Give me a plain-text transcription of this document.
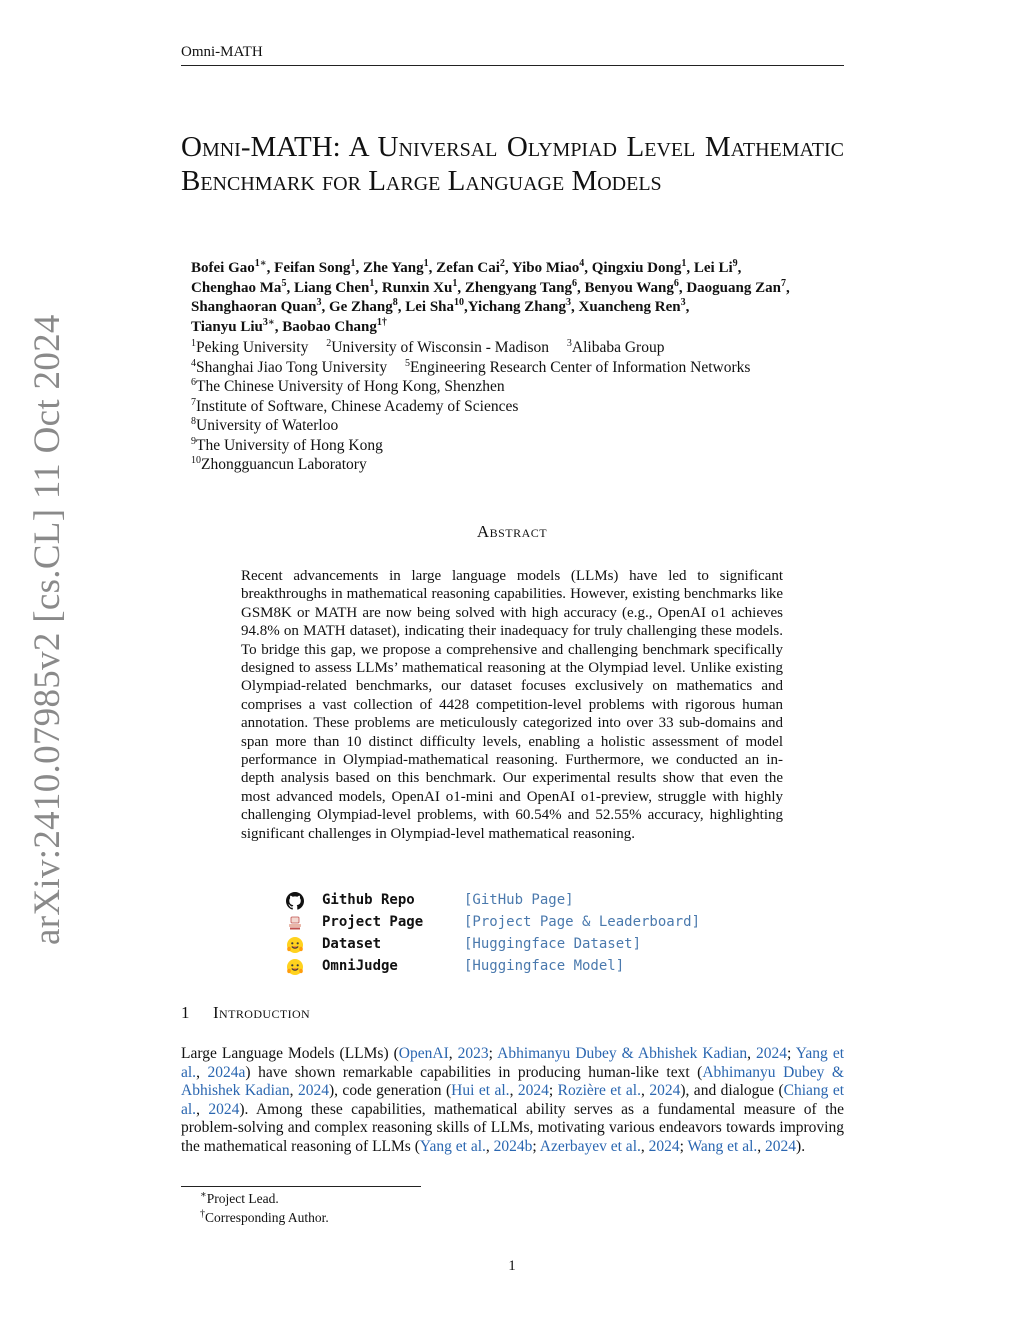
Omni-MATH
arXiv:2410.07985v2 [cs.CL] 11 Oct 2024
Omni-MATH: A Universal Olympiad Level Mathematic Benchmark for Large Language Models
Bofei Gao$^{1∗}$, Feifan Song$^1$, Zhe Yang$^1$, Zefan Cai$^2$, Yibo Miao$^4$, Qingxiu Dong$^1$, Lei Li$^9$,
Chenghao Ma$^5$, Liang Chen$^1$, Runxin Xu$^1$, Zhengyang Tang$^6$, Benyou Wang$^6$, Daoguang Zan$^7$,
Shanghaoran Quan$^3$, Ge Zhang$^8$, Lei Sha$^{10}$,Yichang Zhang$^3$, Xuancheng Ren$^3$,
Tianyu Liu$^{3∗}$, Baobao Chang$^{1\dagger}$
$^1$Peking University $^2$University of Wisconsin - Madison $^3$Alibaba Group
$^4$Shanghai Jiao Tong University $^5$Engineering Research Center of Information Networks
$^6$The Chinese University of Hong Kong, Shenzhen
$^7$Institute of Software, Chinese Academy of Sciences
$^8$University of Waterloo
$^9$The University of Hong Kong
$^{10}$Zhongguancun Laboratory
Abstract

Recent advancements in large language models (LLMs) have led to significant breakthroughs in mathematical reasoning capabilities. However, existing benchmarks like GSM8K or MATH are now being solved with high accuracy (e.g., OpenAI o1 achieves 94.8% on MATH dataset), indicating their inadequacy for truly challenging these models. To bridge this gap, we propose a comprehensive and challenging benchmark specifically designed to assess LLMs’ mathematical reasoning at the Olympiad level. Unlike existing Olympiad-related benchmarks, our dataset focuses exclusively on mathematics and comprises a vast collection of 4428 competition-level problems with rigorous human annotation. These problems are meticulously categorized into over 33 sub-domains and span more than 10 distinct difficulty levels, enabling a holistic assessment of model performance in Olympiad-mathematical reasoning. Furthermore, we conducted an in-depth analysis based on this benchmark. Our experimental results show that even the most advanced models, OpenAI o1-mini and OpenAI o1-preview, struggle with highly challenging Olympiad-level problems, with 60.54% and 52.55% accuracy, highlighting significant challenges in Olympiad-level mathematical reasoning.

Github Repo	[GitHub Page]
Project Page	[Project Page & Leaderboard]
Dataset	[Huggingface Dataset]
OmniJudge	[Huggingface Model]
1 Introduction

Large Language Models (LLMs) (OpenAI, 2023; Abhimanyu Dubey & Abhishek Kadian, 2024; Yang et al., 2024a) have shown remarkable capabilities in producing human-like text (Abhimanyu Dubey & Abhishek Kadian, 2024), code generation (Hui et al., 2024; Rozière et al., 2024), and dialogue (Chiang et al., 2024). Among these capabilities, mathematical ability serves as a fundamental measure of the problem-solving and complex reasoning skills of LLMs, motivating various endeavors towards improving the mathematical reasoning of LLMs (Yang et al., 2024b; Azerbayev et al., 2024; Wang et al., 2024).

∗Project Lead.
†Corresponding Author.
1
